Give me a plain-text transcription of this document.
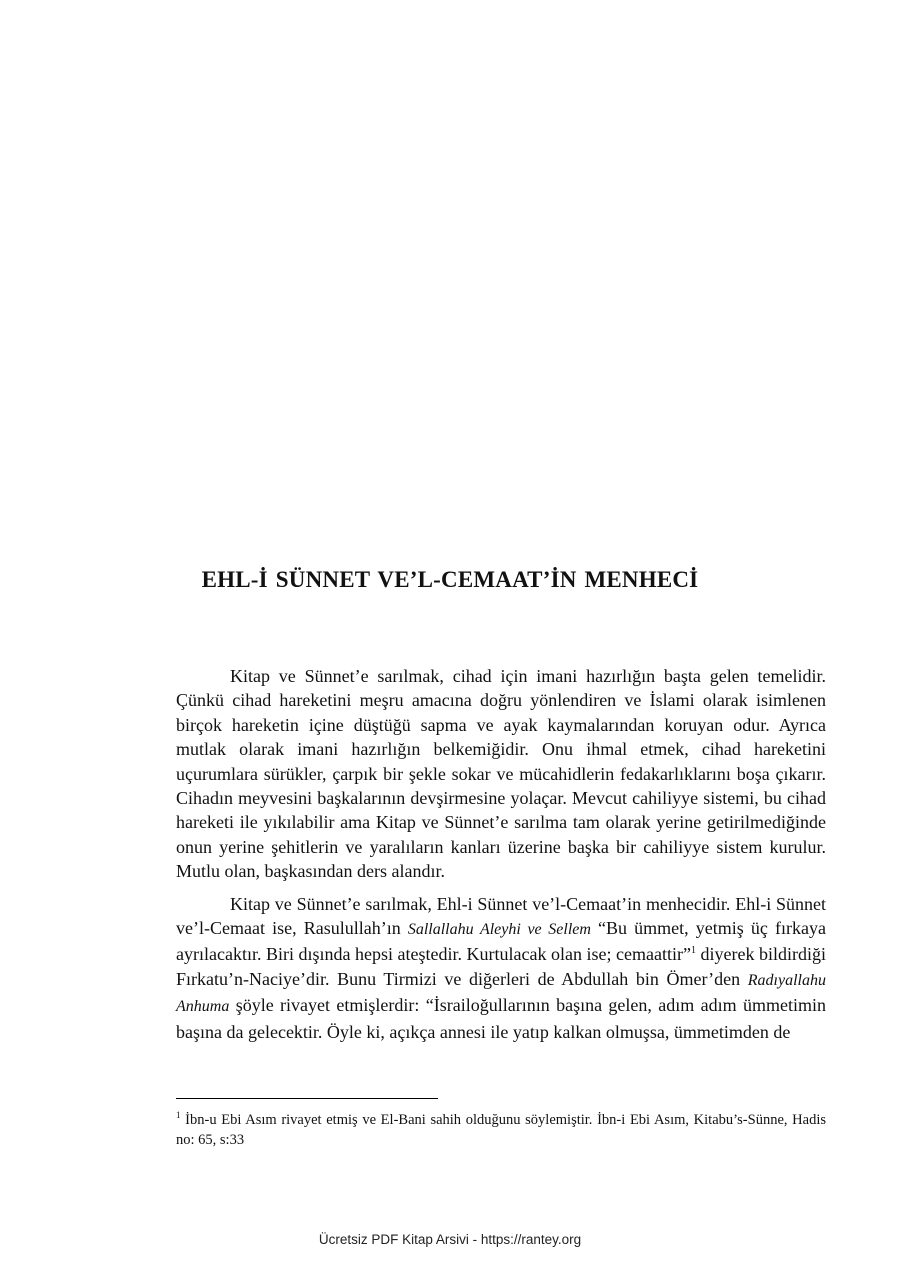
EHL-İ SÜNNET VE’L-CEMAAT’İN MENHECİ

Kitap ve Sünnet’e sarılmak, cihad için imani hazırlığın başta gelen temelidir. Çünkü cihad hareketini meşru amacına doğru yönlendiren ve İslami olarak isimlenen birçok hareketin içine düştüğü sapma ve ayak kaymalarından koruyan odur. Ayrıca mutlak olarak imani hazırlığın belkemiğidir. Onu ihmal etmek, cihad hareketini uçurumlara sürükler, çarpık bir şekle sokar ve mücahidlerin fedakarlıklarını boşa çıkarır. Cihadın meyvesini başkalarının devşirmesine yolaçar. Mevcut cahiliyye sistemi, bu cihad hareketi ile yıkılabilir ama Kitap ve Sünnet’e sarılma tam olarak yerine getirilmediğinde onun yerine şehitlerin ve yaralıların kanları üzerine başka bir cahiliyye sistem kurulur. Mutlu olan, başkasından ders alandır.

Kitap ve Sünnet’e sarılmak, Ehl-i Sünnet ve’l-Cemaat’in menhecidir. Ehl-i Sünnet ve’l-Cemaat ise, Rasulullah’ın Sallallahu Aleyhi ve Sellem “Bu ümmet, yetmiş üç fırkaya ayrılacaktır. Biri dışında hepsi ateştedir. Kurtulacak olan ise; cemaattir”$^1$ diyerek bildirdiği Fırkatu’n-Naciye’dir. Bunu Tirmizi ve diğerleri de Abdullah bin Ömer’den Radıyallahu Anhuma şöyle rivayet etmişlerdir: “İsrailoğullarının başına gelen, adım adım ümmetimin başına da gelecektir. Öyle ki, açıkça annesi ile yatıp kalkan olmuşsa, ümmetimden de

$^1$ İbn-u Ebi Asım rivayet etmiş ve El-Bani sahih olduğunu söylemiştir. İbn-i Ebi Asım, Kitabu’s-Sünne, Hadis no: 65, s:33
Ücretsiz PDF Kitap Arsivi - https://rantey.org
